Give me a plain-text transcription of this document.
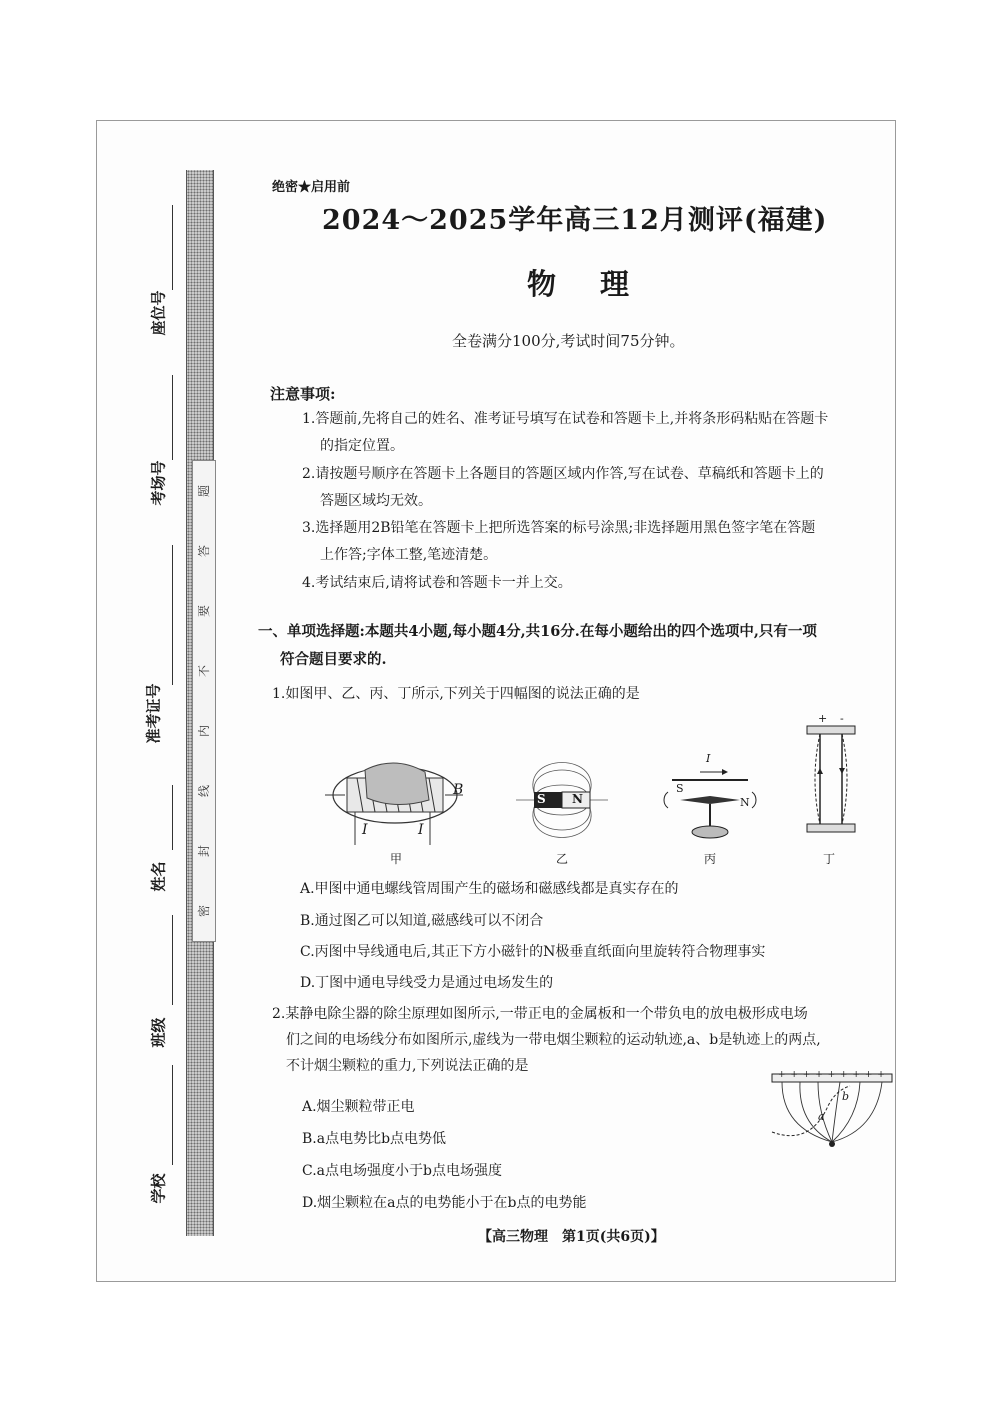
题
答
要
不
内
线
封
密
座位号
考场号
姓名
班级
学校
绝密★启用前
2024～2025学年高三12月测评(福建)
物理
全卷满分100分,考试时间75分钟。
注意事项:
1.答题前,先将自己的姓名、准考证号填写在试卷和答题卡上,并将条形码粘贴在答题卡
的指定位置。
2.请按题号顺序在答题卡上各题目的答题区域内作答,写在试卷、草稿纸和答题卡上的
答题区域均无效。
3.选择题用2B铅笔在答题卡上把所选答案的标号涂黑;非选择题用黑色签字笔在答题
上作答;字体工整,笔迹清楚。
4.考试结束后,请将试卷和答题卡一并上交。
一、单项选择题:本题共4小题,每小题4分,共16分.在每小题给出的四个选项中,只有一项
符合题目要求的.
1.如图甲、乙、丙、丁所示,下列关于四幅图的说法正确的是
B
I	I
甲
S N
乙
I
S
N
丙
+ -
丁
A.甲图中通电螺线管周围产生的磁场和磁感线都是真实存在的
B.通过图乙可以知道,磁感线可以不闭合
C.丙图中导线通电后,其正下方小磁针的N极垂直纸面向里旋转符合物理事实
D.丁图中通电导线受力是通过电场发生的
2.某静电除尘器的除尘原理如图所示,一带正电的金属板和一个带负电的放电极形成电场
们之间的电场线分布如图所示,虚线为一带电烟尘颗粒的运动轨迹,a、b是轨迹上的两点,
不计烟尘颗粒的重力,下列说法正确的是
+ + + + + + + + +
a
b
A.烟尘颗粒带正电
B.a点电势比b点电势低
C.a点电场强度小于b点电场强度
D.烟尘颗粒在a点的电势能小于在b点的电势能
【高三物理　第1页(共6页)】
